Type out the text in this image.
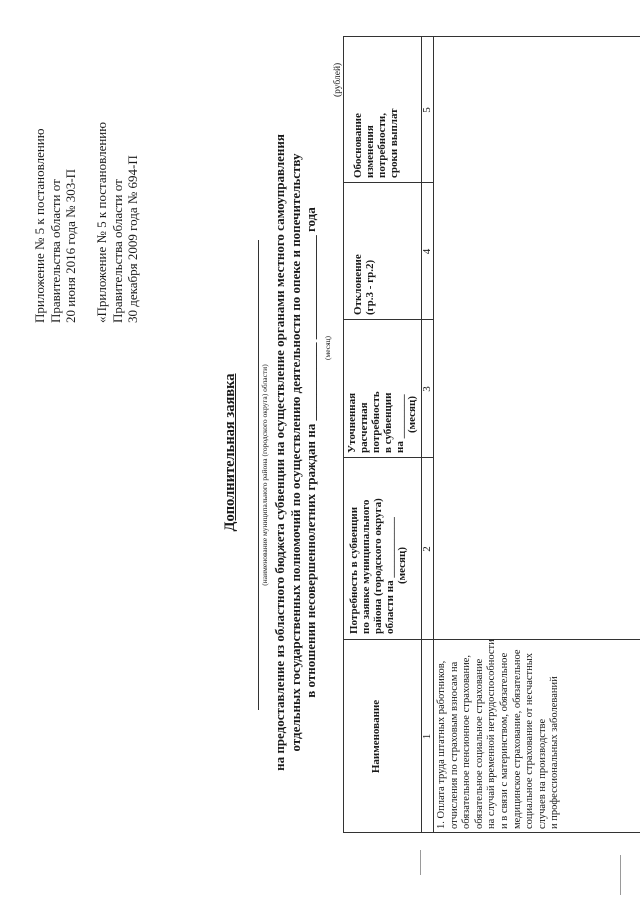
Приложение № 5 к постановлению Правительства области от 20 июня 2016 года № 303-П
«Приложение № 5 к постановлению Правительства области от 30 декабря 2009 года № 694-П
Дополнительная заявка	(наименование муниципального района (городского округа) области) на предоставление из областного бюджета субвенции на осуществление органами местного самоуправления отдельных государственных полномочий по осуществлению деятельности по опеке и попечительству в отношении несовершеннолетних граждан на ____________ ________________ года (месяц)
(рублей)
Наименование
Потребность в субвенции по заявке муниципального района (городского округа) области на ___________ (месяц)
Уточненная расчетная потребность в субвенции на ________ (месяц)
Отклонение (гр.3 - гр.2)
Обоснование изменения потребности, сроки выплат
1
2
3
4
5
1. Оплата труда штатных работников, отчисления по страховым взносам на обязательное пенсионное страхование, обязательное социальное страхование на случай временной нетрудоспособности и в связи с материнством, обязательное медицинское страхование, обязательное социальное страхование от несчастных случаев на производстве и профессиональных заболеваний
